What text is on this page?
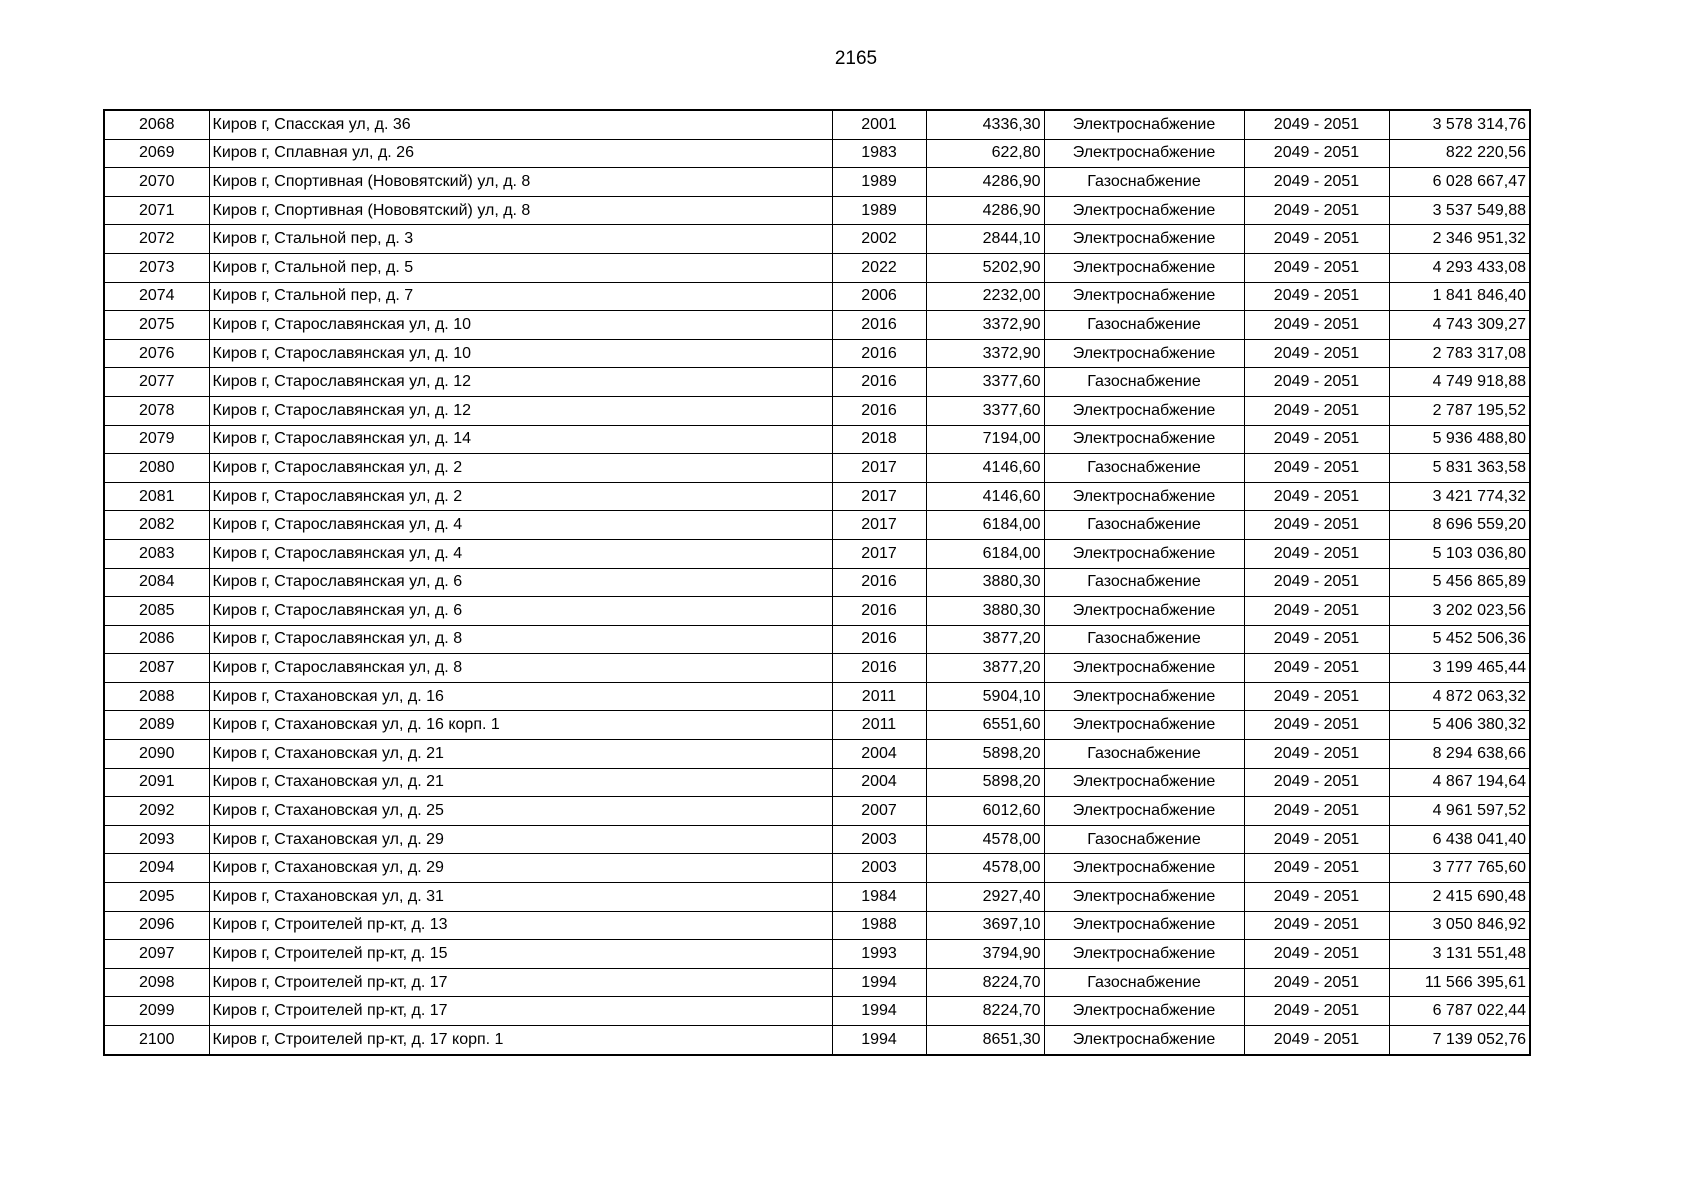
2165
2068	Киров г, Спасская ул, д. 36	2001	4336,30	Электроснабжение	2049 - 2051	3 578 314,76
2069	Киров г, Сплавная ул, д. 26	1983	622,80	Электроснабжение	2049 - 2051	822 220,56
2070	Киров г, Спортивная (Нововятский) ул, д. 8	1989	4286,90	Газоснабжение	2049 - 2051	6 028 667,47
2071	Киров г, Спортивная (Нововятский) ул, д. 8	1989	4286,90	Электроснабжение	2049 - 2051	3 537 549,88
2072	Киров г, Стальной пер, д. 3	2002	2844,10	Электроснабжение	2049 - 2051	2 346 951,32
2073	Киров г, Стальной пер, д. 5	2022	5202,90	Электроснабжение	2049 - 2051	4 293 433,08
2074	Киров г, Стальной пер, д. 7	2006	2232,00	Электроснабжение	2049 - 2051	1 841 846,40
2075	Киров г, Старославянская ул, д. 10	2016	3372,90	Газоснабжение	2049 - 2051	4 743 309,27
2076	Киров г, Старославянская ул, д. 10	2016	3372,90	Электроснабжение	2049 - 2051	2 783 317,08
2077	Киров г, Старославянская ул, д. 12	2016	3377,60	Газоснабжение	2049 - 2051	4 749 918,88
2078	Киров г, Старославянская ул, д. 12	2016	3377,60	Электроснабжение	2049 - 2051	2 787 195,52
2079	Киров г, Старославянская ул, д. 14	2018	7194,00	Электроснабжение	2049 - 2051	5 936 488,80
2080	Киров г, Старославянская ул, д. 2	2017	4146,60	Газоснабжение	2049 - 2051	5 831 363,58
2081	Киров г, Старославянская ул, д. 2	2017	4146,60	Электроснабжение	2049 - 2051	3 421 774,32
2082	Киров г, Старославянская ул, д. 4	2017	6184,00	Газоснабжение	2049 - 2051	8 696 559,20
2083	Киров г, Старославянская ул, д. 4	2017	6184,00	Электроснабжение	2049 - 2051	5 103 036,80
2084	Киров г, Старославянская ул, д. 6	2016	3880,30	Газоснабжение	2049 - 2051	5 456 865,89
2085	Киров г, Старославянская ул, д. 6	2016	3880,30	Электроснабжение	2049 - 2051	3 202 023,56
2086	Киров г, Старославянская ул, д. 8	2016	3877,20	Газоснабжение	2049 - 2051	5 452 506,36
2087	Киров г, Старославянская ул, д. 8	2016	3877,20	Электроснабжение	2049 - 2051	3 199 465,44
2088	Киров г, Стахановская ул, д. 16	2011	5904,10	Электроснабжение	2049 - 2051	4 872 063,32
2089	Киров г, Стахановская ул, д. 16 корп. 1	2011	6551,60	Электроснабжение	2049 - 2051	5 406 380,32
2090	Киров г, Стахановская ул, д. 21	2004	5898,20	Газоснабжение	2049 - 2051	8 294 638,66
2091	Киров г, Стахановская ул, д. 21	2004	5898,20	Электроснабжение	2049 - 2051	4 867 194,64
2092	Киров г, Стахановская ул, д. 25	2007	6012,60	Электроснабжение	2049 - 2051	4 961 597,52
2093	Киров г, Стахановская ул, д. 29	2003	4578,00	Газоснабжение	2049 - 2051	6 438 041,40
2094	Киров г, Стахановская ул, д. 29	2003	4578,00	Электроснабжение	2049 - 2051	3 777 765,60
2095	Киров г, Стахановская ул, д. 31	1984	2927,40	Электроснабжение	2049 - 2051	2 415 690,48
2096	Киров г, Строителей пр-кт, д. 13	1988	3697,10	Электроснабжение	2049 - 2051	3 050 846,92
2097	Киров г, Строителей пр-кт, д. 15	1993	3794,90	Электроснабжение	2049 - 2051	3 131 551,48
2098	Киров г, Строителей пр-кт, д. 17	1994	8224,70	Газоснабжение	2049 - 2051	11 566 395,61
2099	Киров г, Строителей пр-кт, д. 17	1994	8224,70	Электроснабжение	2049 - 2051	6 787 022,44
2100	Киров г, Строителей пр-кт, д. 17 корп. 1	1994	8651,30	Электроснабжение	2049 - 2051	7 139 052,76
